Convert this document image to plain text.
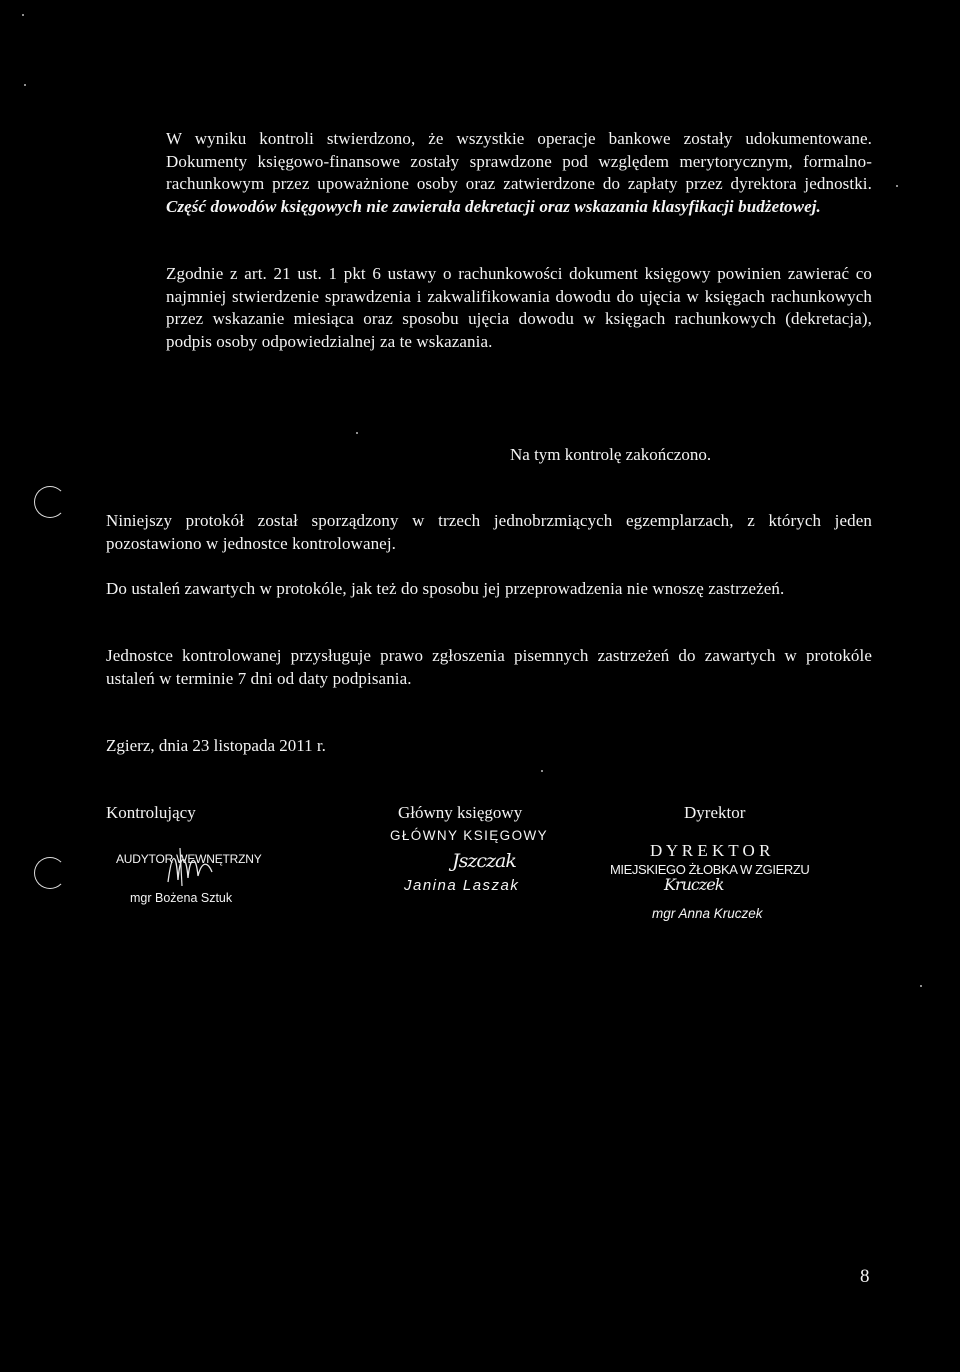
W wyniku kontroli stwierdzono, że wszystkie operacje bankowe zostały udokumentowane. Dokumenty księgowo-finansowe zostały sprawdzone pod względem merytorycznym, formalno-rachunkowym przez upoważnione osoby oraz zatwierdzone do zapłaty przez dyrektora jednostki. Część dowodów księgowych nie zawierała dekretacji oraz wskazania klasyfikacji budżetowej.

Zgodnie z art. 21 ust. 1 pkt 6 ustawy o rachunkowości dokument księgowy powinien zawierać co najmniej stwierdzenie sprawdzenia i zakwalifikowania dowodu do ujęcia w księgach rachunkowych przez wskazanie miesiąca oraz sposobu ujęcia dowodu w księgach rachunkowych (dekretacja), podpis osoby odpowiedzialnej za te wskazania.

Na tym kontrolę zakończono.

Niniejszy protokół został sporządzony w trzech jednobrzmiących egzemplarzach, z których jeden pozostawiono w jednostce kontrolowanej.

Do ustaleń zawartych w protokóle, jak też do sposobu jej przeprowadzenia nie wnoszę zastrzeżeń.

Jednostce kontrolowanej przysługuje prawo zgłoszenia pisemnych zastrzeżeń do zawartych w protokóle ustaleń w terminie 7 dni od daty podpisania.

Zgierz, dnia 23 listopada 2011 r.
Kontrolujący	Główny księgowy	Dyrektor
AUDYTOR WEWNĘTRZNY
mgr Bożena Sztuk
GŁÓWNY KSIĘGOWY
Jszczak
Janina Laszak
D Y R E K T O R
MIEJSKIEGO ŻŁOBKA W ZGIERZU
Kruczek
mgr Anna Kruczek
8
